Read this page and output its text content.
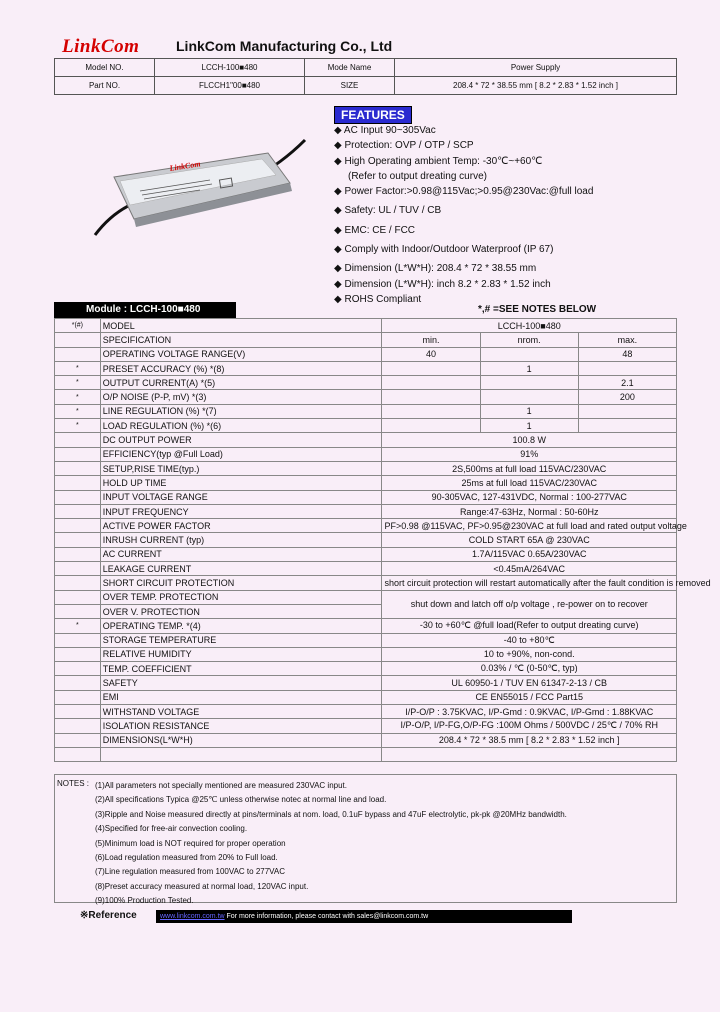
LinkCom	LinkCom Manufacturing Co., Ltd
Model NO.	LCCH-100■480	Mode Name	Power Supply
Part NO.	FLCCH1"00■480	SIZE	208.4 * 72 * 38.55 mm [ 8.2 * 2.83 * 1.52 inch ]
LinkCom
FEATURES
◆ AC Input 90~305Vac
◆ Protection: OVP / OTP / SCP
◆ High Operating ambient Temp: -30℃~+60℃
(Refer to output dreating curve)
◆ Power Factor:>0.98@115Vac;>0.95@230Vac:@full load
◆ Safety: UL / TUV / CB
◆ EMC: CE / FCC
◆ Comply with Indoor/Outdoor Waterproof (IP 67)
◆ Dimension (L*W*H): 208.4 * 72 * 38.55 mm
◆ Dimension (L*W*H): inch 8.2 * 2.83 * 1.52 inch
◆ ROHS Compliant
Module : LCCH-100■480	*,# =SEE NOTES BELOW
*(#)	MODEL	LCCH-100■480		
	SPECIFICATION	min.	nrom.	max.
	OPERATING VOLTAGE RANGE(V)	40		48
*	PRESET ACCURACY (%) *(8)		1	
*	OUTPUT CURRENT(A) *(5)			2.1
*	O/P NOISE (P-P, mV) *(3)			200
*	LINE REGULATION (%) *(7)		1	
*	LOAD REGULATION (%) *(6)		1	
	DC OUTPUT POWER	100.8 W		
	EFFICIENCY(typ @Full Load)	91%		
	SETUP,RISE TIME(typ.)	2S,500ms at full load 115VAC/230VAC		
	HOLD UP TIME	25ms at full load 115VAC/230VAC		
	INPUT VOLTAGE RANGE	90-305VAC, 127-431VDC, Normal : 100-277VAC		
	INPUT FREQUENCY	Range:47-63Hz, Normal : 50-60Hz		
	ACTIVE POWER FACTOR	PF>0.98 @115VAC, PF>0.95@230VAC at full load and rated output voltage		
	INRUSH CURRENT (typ)	COLD START 65A @ 230VAC		
	AC CURRENT	1.7A/115VAC 0.65A/230VAC		
	LEAKAGE CURRENT	<0.45mA/264VAC		
	SHORT CIRCUIT PROTECTION	short circuit protection will restart automatically after the fault condition is removed		
	OVER TEMP. PROTECTION	shut down and latch off o/p voltage , re-power on to recover		
	OVER V. PROTECTION			
*	OPERATING TEMP. *(4)	-30 to +60℃ @full load(Refer to output dreating curve)		
	STORAGE TEMPERATURE	-40 to +80℃		
	RELATIVE HUMIDITY	10 to +90%, non-cond.		
	TEMP. COEFFICIENT	0.03% / ℃ (0-50℃, typ)		
	SAFETY	UL 60950-1 / TUV EN 61347-2-13 / CB		
	EMI	CE EN55015 / FCC Part15		
	WITHSTAND VOLTAGE	I/P-O/P : 3.75KVAC, I/P-Gmd : 0.9KVAC, I/P-Gmd : 1.88KVAC		
	ISOLATION RESISTANCE	I/P-O/P, I/P-FG,O/P-FG :100M Ohms / 500VDC / 25℃ / 70% RH		
	DIMENSIONS(L*W*H)	208.4 * 72 * 38.5 mm [ 8.2 * 2.83 * 1.52 inch ]		

NOTES : (1)All parameters not specially mentioned are measured 230VAC input.
(2)All specifications Typica @25℃ unless otherwise notec at normal line and load.
(3)Ripple and Noise measured directly at pins/terminals at nom. load, 0.1uF bypass and 47uF electrolytic, pk-pk @20MHz bandwidth.
(4)Specified for free-air convection cooling.
(5)Minimum load is NOT required for proper operation
(6)Load regulation measured from 20% to Full load.
(7)Line regulation measured from 100VAC to 277VAC
(8)Preset accuracy measured at normal load, 120VAC input.
(9)100% Production Tested.
※Reference	www.linkcom.com.tw For more information, please contact with sales@linkcom.com.tw
